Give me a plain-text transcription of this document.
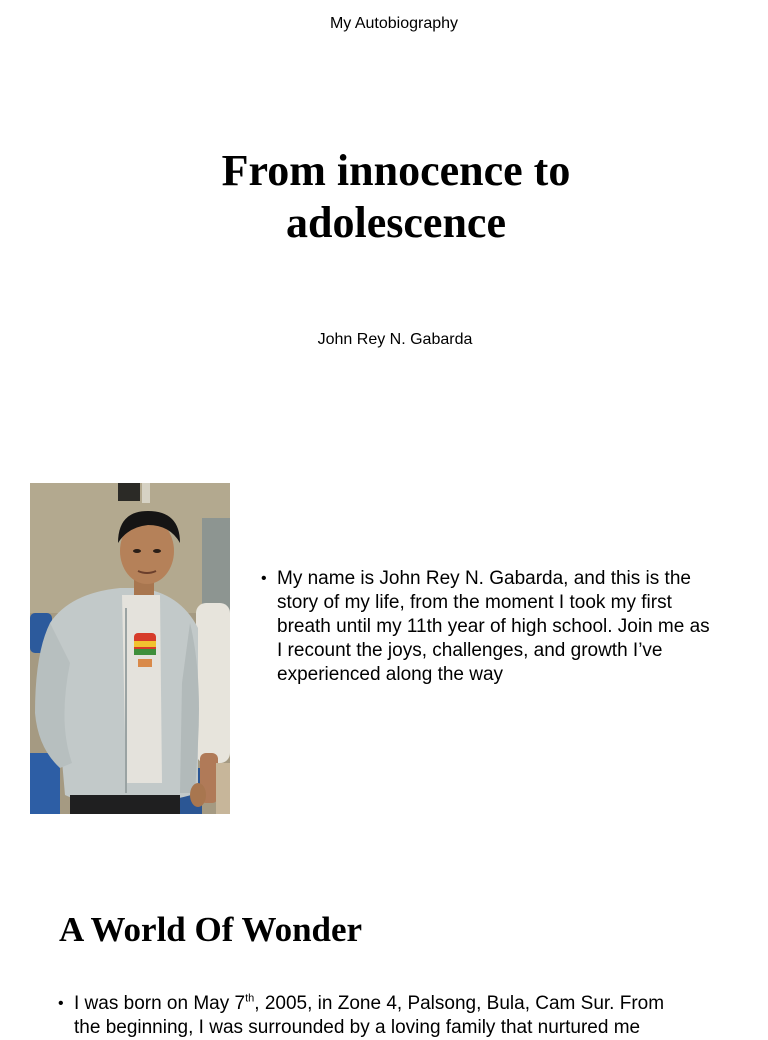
My Autobiography
From innocence to
adolescence
John Rey N. Gabarda
• My name is John Rey N. Gabarda, and this is the story of my life, from the moment I took my first breath until my 11th year of high school. Join me as I recount the joys, challenges, and growth I’ve experienced along the way
A World Of Wonder
• I was born on May 7th, 2005, in Zone 4, Palsong, Bula, Cam Sur. From
the beginning, I was surrounded by a loving family that nurtured me
